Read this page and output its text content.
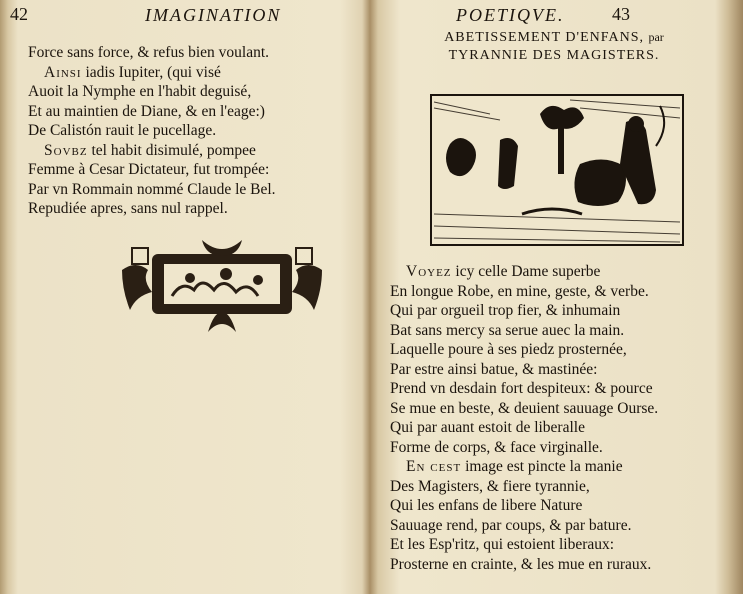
42	IMAGINATION
Force sans force, & refus bien voulant.
Ainsi iadis Iupiter, (qui visé
Auoit la Nymphe en l'habit deguisé,
Et au maintien de Diane, & en l'eage:)
De Calistón rauit le pucellage.
Sovbz tel habit disimulé, pompee
Femme à Cesar Dictateur, fut trompée:
Par vn Rommain nommé Claude le Bel.
Repudiée apres, sans nul rappel.
POETIQVE.	43
ABETISSEMENT D'ENFANS, par
TYRANNIE DES MAGISTERS.
Voyez icy celle Dame superbe
En longue Robe, en mine, geste, & verbe.
Qui par orgueil trop fier, & inhumain
Bat sans mercy sa serue auec la main.
Laquelle poure à ses piedz prosternée,
Par estre ainsi batue, & mastinée:
Prend vn desdain fort despiteux: & pource
Se mue en beste, & deuient sauuage Ourse.
Qui par auant estoit de liberalle
Forme de corps, & face virginalle.
En cest image est pincte la manie
Des Magisters, & fiere tyrannie,
Qui les enfans de libere Nature
Sauuage rend, par coups, & par bature.
Et les Esp'ritz, qui estoient liberaux:
Prosterne en crainte, & les mue en ruraux.
